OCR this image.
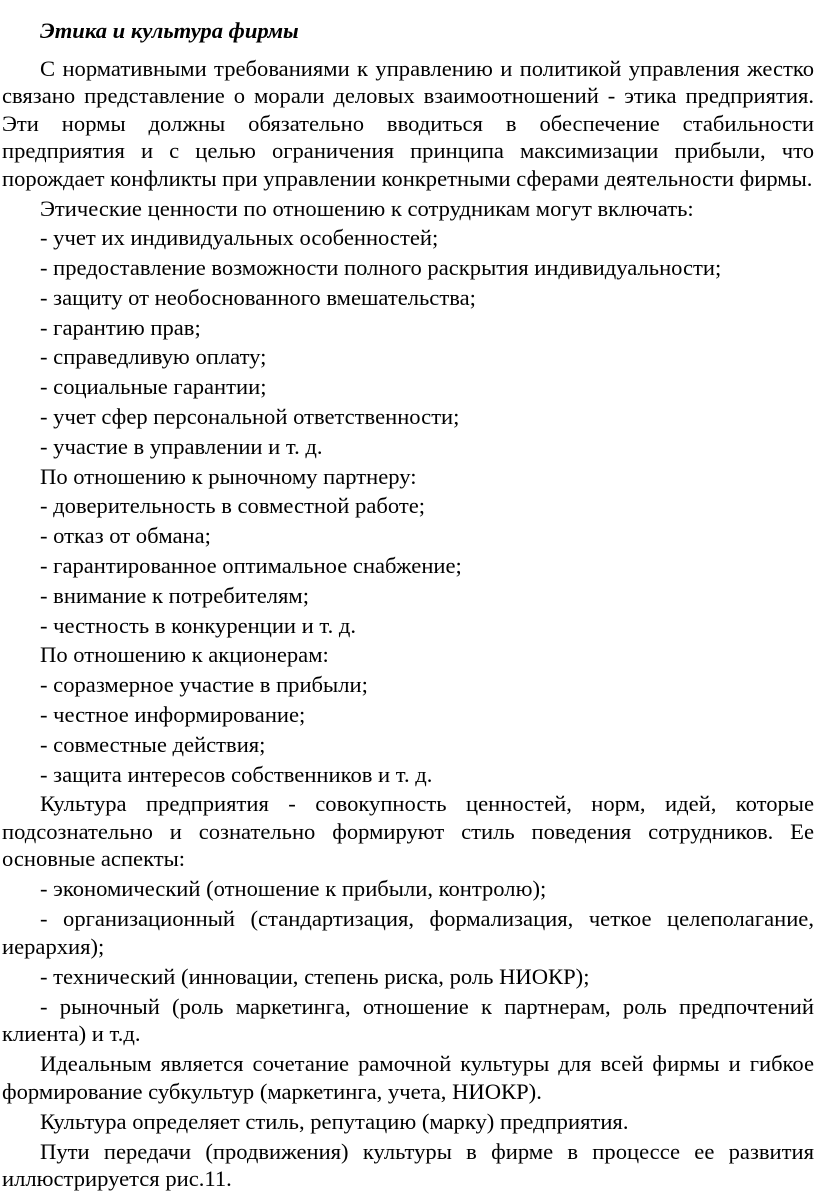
Этика и культура фирмы

С нормативными требованиями к управлению и политикой управления жестко связано представление о морали деловых взаимоотношений - этика предприятия. Эти нормы должны обязательно вводиться в обеспечение стабильности предприятия и с целью ограничения принципа максимизации прибыли, что порождает конфликты при управлении конкретными сферами деятельности фирмы.

Этические ценности по отношению к сотрудникам могут включать:

- учет их индивидуальных особенностей;

- предоставление возможности полного раскрытия индивидуальности;

- защиту от необоснованного вмешательства;

- гарантию прав;

- справедливую оплату;

- социальные гарантии;

- учет сфер персональной ответственности;

- участие в управлении и т. д.

По отношению к рыночному партнеру:

- доверительность в совместной работе;

- отказ от обмана;

- гарантированное оптимальное снабжение;

- внимание к потребителям;

- честность в конкуренции и т. д.

По отношению к акционерам:

- соразмерное участие в прибыли;

- честное информирование;

- совместные действия;

- защита интересов собственников и т. д.

Культура предприятия - совокупность ценностей, норм, идей, которые подсознательно и сознательно формируют стиль поведения сотрудников. Ее основные аспекты:

- экономический (отношение к прибыли, контролю);

- организационный (стандартизация, формализация, четкое целеполагание, иерархия);

- технический (инновации, степень риска, роль НИОКР);

- рыночный (роль маркетинга, отношение к партнерам, роль предпочтений клиента) и т.д.

Идеальным является сочетание рамочной культуры для всей фирмы и гибкое формирование субкультур (маркетинга, учета, НИОКР).

Культура определяет стиль, репутацию (марку) предприятия.

Пути передачи (продвижения) культуры в фирме в процессе ее развития иллюстрируется рис.11.
